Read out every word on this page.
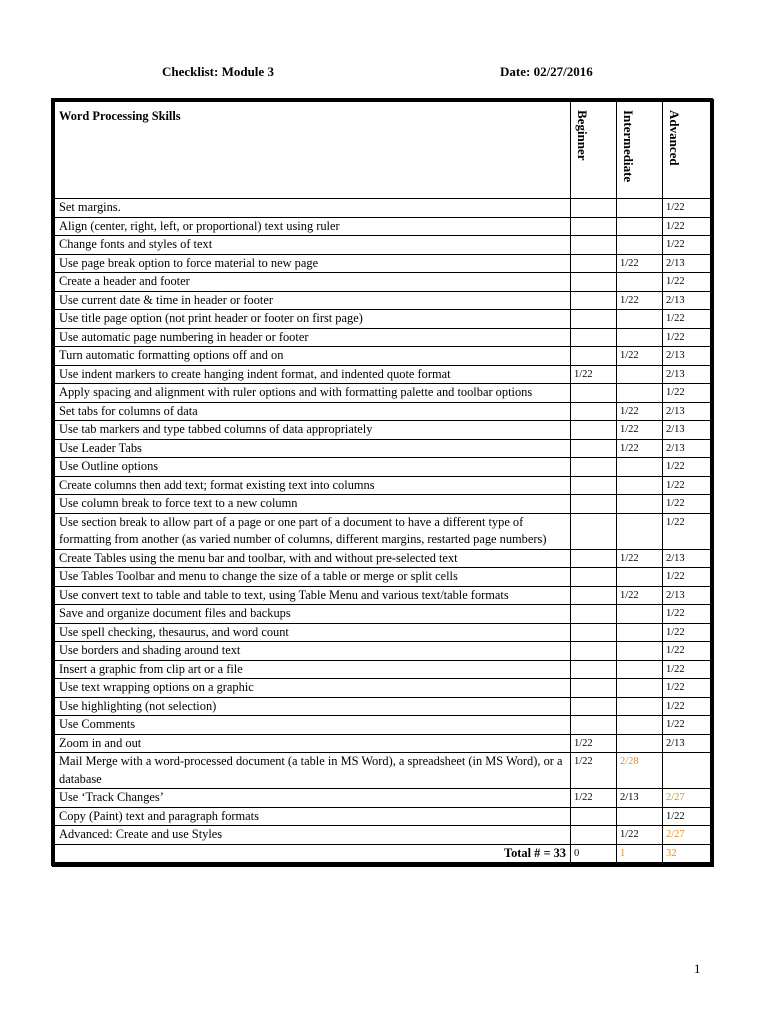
Checklist: Module 3	Date: 02/27/2016
Word Processing Skills	Beginner	Intermediate	Advanced

Set margins.			1/22
Align (center, right, left, or proportional) text using ruler			1/22
Change fonts and styles of text			1/22
Use page break option to force material to new page		1/22	2/13
Create a header and footer			1/22
Use current date & time in header or footer		1/22	2/13
Use title page option (not print header or footer on first page)			1/22
Use automatic page numbering in header or footer			1/22
Turn automatic formatting options off and on		1/22	2/13
Use indent markers to create hanging indent format, and indented quote format	1/22		2/13
Apply spacing and alignment with ruler options and with formatting palette and toolbar options			1/22
Set tabs for columns of data		1/22	2/13
Use tab markers and type tabbed columns of data appropriately		1/22	2/13
Use Leader Tabs		1/22	2/13
Use Outline options			1/22
Create columns then add text; format existing text into columns			1/22
Use column break to force text to a new column			1/22
Use section break to allow part of a page or one part of a document to have a different type of formatting from another (as varied number of columns, different margins, restarted page numbers)			1/22
Create Tables using the menu bar and toolbar, with and without pre-selected text		1/22	2/13
Use Tables Toolbar and menu to change the size of a table or merge or split cells			1/22
Use convert text to table and table to text, using Table Menu and various text/table formats		1/22	2/13
Save and organize document files and backups			1/22
Use spell checking, thesaurus, and word count			1/22
Use borders and shading around text			1/22
Insert a graphic from clip art or a file			1/22
Use text wrapping options on a graphic			1/22
Use highlighting (not selection)			1/22
Use Comments			1/22
Zoom in and out	1/22		2/13
Mail Merge with a word-processed document (a table in MS Word), a spreadsheet (in MS Word), or a database	1/22	2/28	
Use ‘Track Changes’	1/22	2/13	2/27
Copy (Paint) text and paragraph formats			1/22
Advanced: Create and use Styles		1/22	2/27
Total # = 33	0	1	32
1
